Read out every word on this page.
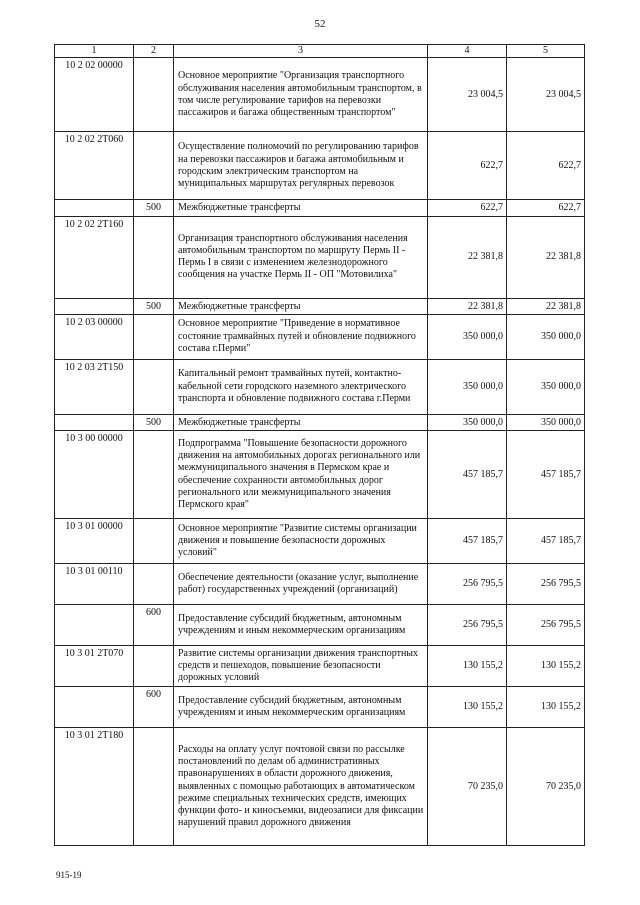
52
1	2	3	4	5
10 2 02 00000		Основное мероприятие "Организация транспортного обслуживания населения автомобильным транспортом, в том числе регулирование тарифов на перевозки пассажиров и багажа общественным транспортом"	23 004,5	23 004,5
10 2 02 2T060		Осуществление полномочий по регулированию тарифов на перевозки пассажиров и багажа автомобильным и городским электрическим транспортом на муниципальных маршрутах регулярных перевозок	622,7	622,7
	500	Межбюджетные трансферты	622,7	622,7
10 2 02 2T160		Организация транспортного обслуживания населения автомобильным транспортом по маршруту Пермь II - Пермь I в связи с изменением железнодорожного сообщения на участке Пермь II - ОП "Мотовилиха"	22 381,8	22 381,8
	500	Межбюджетные трансферты	22 381,8	22 381,8
10 2 03 00000		Основное мероприятие "Приведение в нормативное состояние трамвайных путей и обновление подвижного состава г.Перми"	350 000,0	350 000,0
10 2 03 2T150		Капитальный ремонт трамвайных путей, контактно-кабельной сети городского наземного электрического транспорта и обновление подвижного состава г.Перми	350 000,0	350 000,0
	500	Межбюджетные трансферты	350 000,0	350 000,0
10 3 00 00000		Подпрограмма "Повышение безопасности дорожного движения на автомобильных дорогах регионального или межмуниципального значения в Пермском крае и обеспечение сохранности автомобильных дорог регионального или межмуниципального значения Пермского края"	457 185,7	457 185,7
10 3 01 00000		Основное мероприятие "Развитие системы организации движения и повышение безопасности дорожных условий"	457 185,7	457 185,7
10 3 01 00110		Обеспечение деятельности (оказание услуг, выполнение работ) государственных учреждений (организаций)	256 795,5	256 795,5
	600	Предоставление субсидий бюджетным, автономным учреждениям и иным некоммерческим организациям	256 795,5	256 795,5
10 3 01 2T070		Развитие системы организации движения транспортных средств и пешеходов, повышение безопасности дорожных условий	130 155,2	130 155,2
	600	Предоставление субсидий бюджетным, автономным учреждениям и иным некоммерческим организациям	130 155,2	130 155,2
10 3 01 2T180		Расходы на оплату услуг почтовой связи по рассылке постановлений по делам об административных правонарушениях в области дорожного движения, выявленных с помощью работающих в автоматическом режиме специальных технических средств, имеющих функции фото- и киносъемки, видеозаписи для фиксации нарушений правил дорожного движения	70 235,0	70 235,0
915-19
